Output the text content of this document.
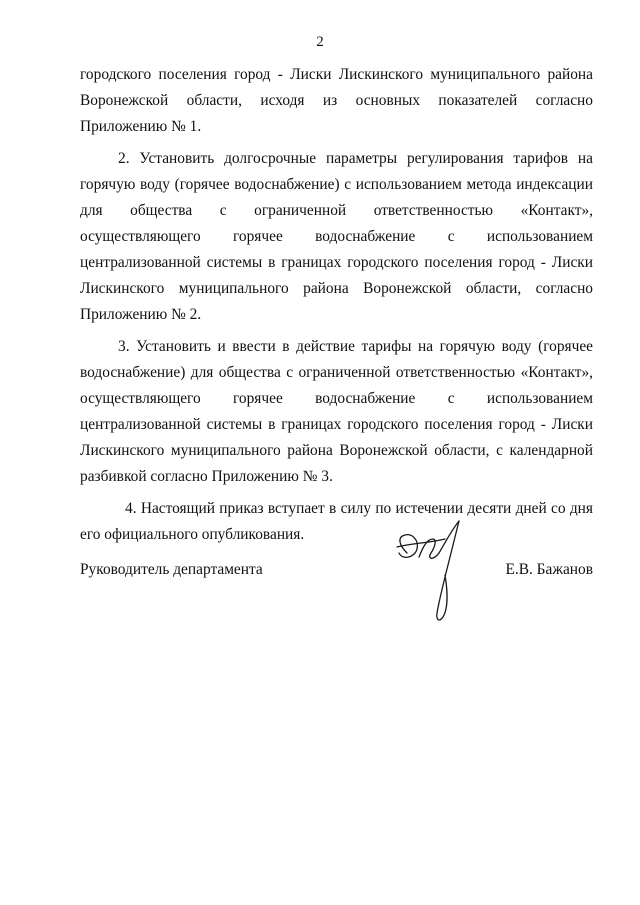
2

городского поселения город - Лиски Лискинского муниципального района Воронежской области, исходя из основных показателей согласно Приложению № 1.

2. Установить долгосрочные параметры регулирования тарифов на горячую воду (горячее водоснабжение) с использованием метода индексации для общества с ограниченной ответственностью «Контакт», осуществляющего горячее водоснабжение с использованием централизованной системы в границах городского поселения город - Лиски Лискинского муниципального района Воронежской области, согласно Приложению № 2.

3. Установить и ввести в действие тарифы на горячую воду (горячее водоснабжение) для общества с ограниченной ответственностью «Контакт», осуществляющего горячее водоснабжение с использованием централизованной системы в границах городского поселения город - Лиски Лискинского муниципального района Воронежской области, с календарной разбивкой согласно Приложению № 3.

4. Настоящий приказ вступает в силу по истечении десяти дней со дня его официального опубликования.

Руководитель департамента	Е.В. Бажанов
